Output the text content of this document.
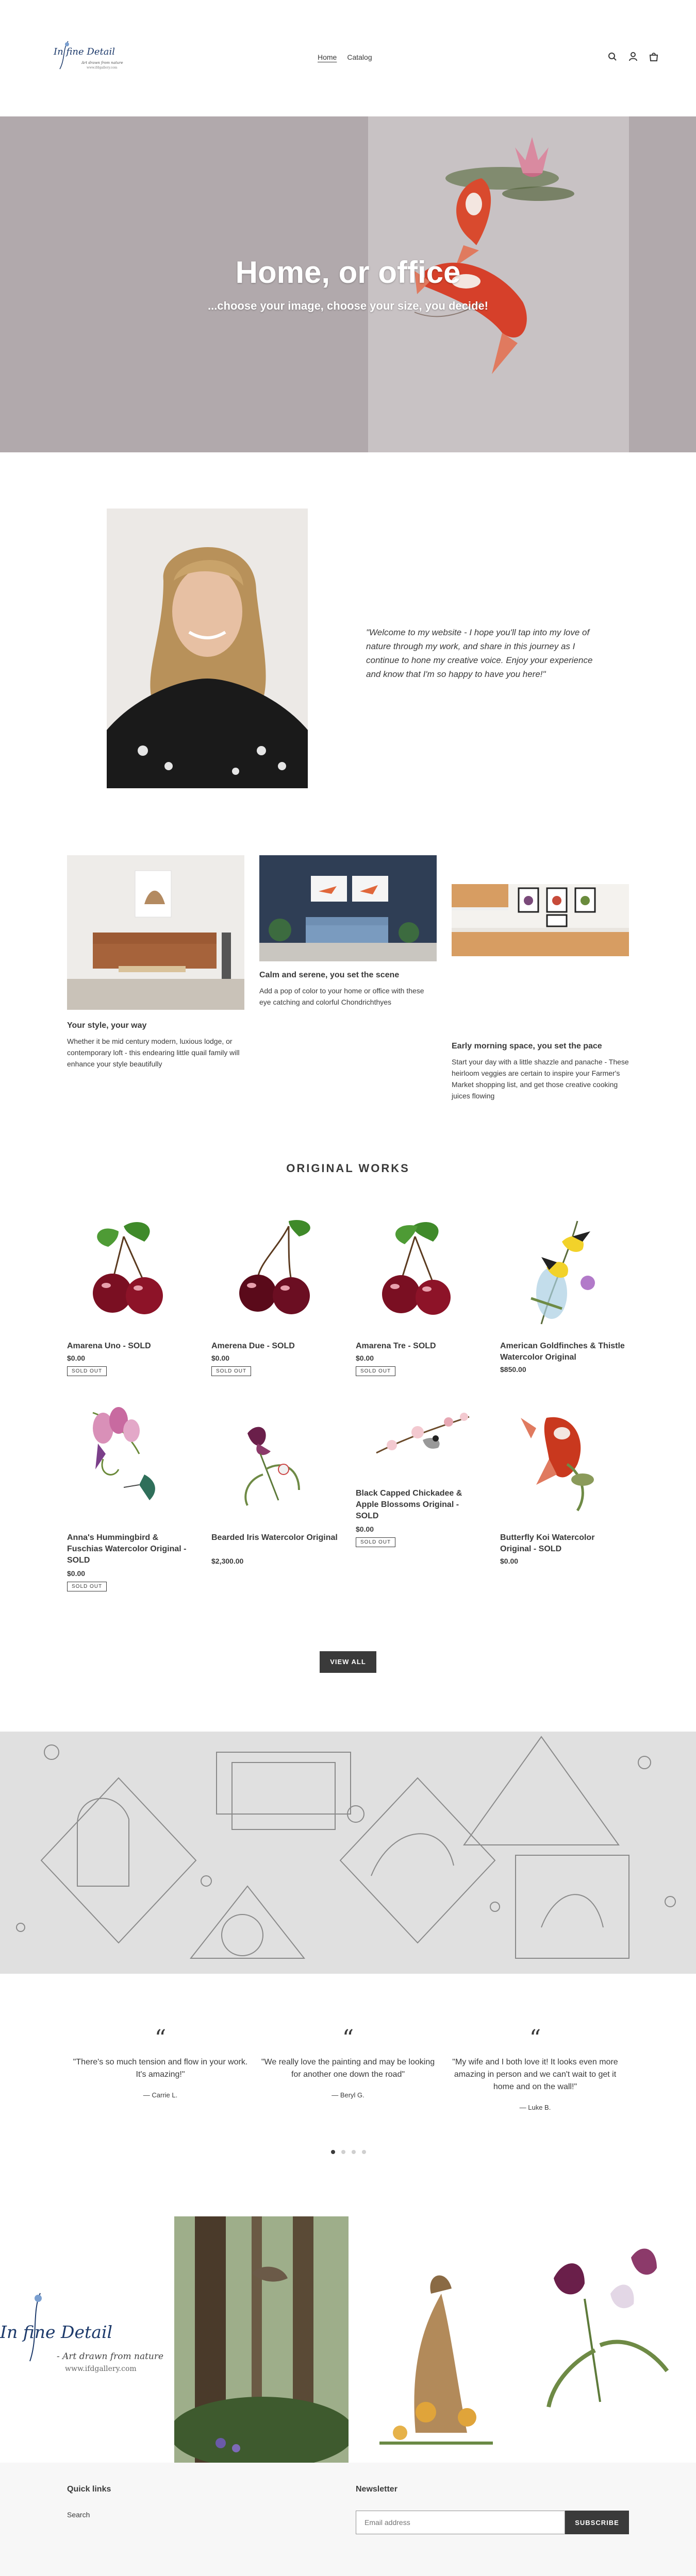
In fine Detail
Art drawn from nature
www.ifdgallery.com
Home Catalog
Home, or office

...choose your image, choose your size, you decide!

"Welcome to my website - I hope you'll tap into my love of nature through my work, and share in this journey as I continue to hone my creative voice. Enjoy your experience and know that I'm so happy to have you here!"

Your style, your way
Whether it be mid century modern, luxious lodge, or contemporary loft - this endearing little quail family will enhance your style beautifully
Calm and serene, you set the scene
Add a pop of color to your home or office with these eye catching and colorful Chondrichthyes
Early morning space, you set the pace
Start your day with a little shazzle and panache - These heirloom veggies are certain to inspire your Farmer's Market shopping list, and get those creative cooking juices flowing
ORIGINAL WORKS
Amarena Uno - SOLD
$0.00
SOLD OUT
Amerena Due - SOLD
$0.00
SOLD OUT
Amarena Tre - SOLD
$0.00
SOLD OUT
American Goldfinches & Thistle Watercolor Original
$850.00
Anna's Hummingbird & Fuschias Watercolor Original - SOLD
$0.00
SOLD OUT
Bearded Iris Watercolor Original
$2,300.00
Black Capped Chickadee & Apple Blossoms Original - SOLD
$0.00
SOLD OUT
Butterfly Koi Watercolor Original - SOLD
$0.00
VIEW ALL
“

"There's so much tension and flow in your work. It's amazing!"

— Carrie L.

“

"We really love the painting and may be looking for another one down the road"

— Beryl G.

“

"My wife and I both love it! It looks even more amazing in person and we can't wait to get it home and on the wall!"

— Luke B.

In fine Detail
- Art drawn from nature
www.ifdgallery.com
Quick links
Search
Newsletter
Email address
SUBSCRIBE
